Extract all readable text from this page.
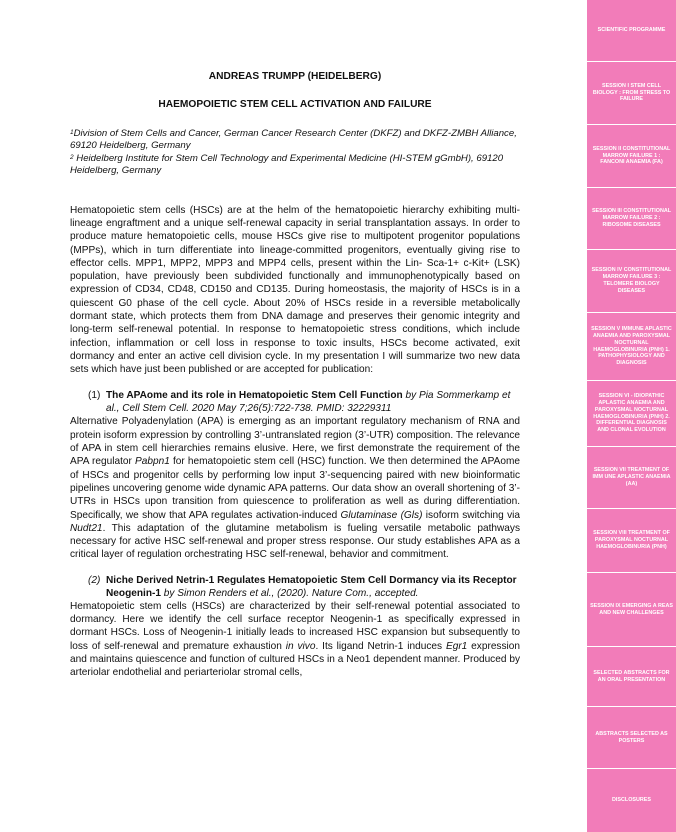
ANDREAS TRUMPP (HEIDELBERG)
HAEMOPOIETIC STEM CELL ACTIVATION AND FAILURE

$^1$Division of Stem Cells and Cancer, German Cancer Research Center (DKFZ) and DKFZ-ZMBH Alliance, 69120 Heidelberg, Germany

$^2$ Heidelberg Institute for Stem Cell Technology and Experimental Medicine (HI-STEM gGmbH), 69120 Heidelberg, Germany

Hematopoietic stem cells (HSCs) are at the helm of the hematopoietic hierarchy exhibiting multi-lineage engraftment and a unique self-renewal capacity in serial transplantation assays. In order to produce mature hematopoietic cells, mouse HSCs give rise to multipotent progenitor populations (MPPs), which in turn differentiate into lineage-committed progenitors, eventually giving rise to effector cells. MPP1, MPP2, MPP3 and MPP4 cells, present within the Lin- Sca-1+ c-Kit+ (LSK) population, have previously been subdivided functionally and immunophenotypically based on expression of CD34, CD48, CD150 and CD135. During homeostasis, the majority of HSCs is in a quiescent G0 phase of the cell cycle. About 20% of HSCs reside in a reversible metabolically dormant state, which protects them from DNA damage and preserves their genomic integrity and long-term self-renewal potential. In response to hematopoietic stress conditions, which include infection, inflammation or cell loss in response to toxic insults, HSCs become activated, exit dormancy and enter an active cell division cycle. In my presentation I will summarize two new data sets which have just been published or are accepted for publication:

(1) The APAome and its role in Hematopoietic Stem Cell Function by Pia Sommerkamp et al., Cell Stem Cell. 2020 May 7;26(5):722-738. PMID: 32229311

Alternative Polyadenylation (APA) is emerging as an important regulatory mechanism of RNA and protein isoform expression by controlling 3’-untranslated region (3’-UTR) composition. The relevance of APA in stem cell hierarchies remains elusive. Here, we first demonstrate the requirement of the APA regulator Pabpn1 for hematopoietic stem cell (HSC) function. We then determined the APAome of HSCs and progenitor cells by performing low input 3’-sequencing paired with new bioinformatic pipelines uncovering genome wide dynamic APA patterns. Our data show an overall shortening of 3’-UTRs in HSCs upon transition from quiescence to proliferation as well as during differentiation. Specifically, we show that APA regulates activation-induced Glutaminase (Gls) isoform switching via Nudt21. This adaptation of the glutamine metabolism is fueling versatile metabolic pathways necessary for active HSC self-renewal and proper stress response. Our study establishes APA as a critical layer of regulation orchestrating HSC self-renewal, behavior and commitment.

(2) Niche Derived Netrin-1 Regulates Hematopoietic Stem Cell Dormancy via its Receptor Neogenin-1 by Simon Renders et al., (2020). Nature Com., accepted.

Hematopoietic stem cells (HSCs) are characterized by their self-renewal potential associated to dormancy. Here we identify the cell surface receptor Neogenin-1 as specifically expressed in dormant HSCs. Loss of Neogenin-1 initially leads to increased HSC expansion but subsequently to loss of self-renewal and premature exhaustion in vivo. Its ligand Netrin-1 induces Egr1 expression and maintains quiescence and function of cultured HSCs in a Neo1 dependent manner. Produced by arteriolar endothelial and periarteriolar stromal cells,

SCIENTIFIC PROGRAMME
SESSION I STEM CELL BIOLOGY : FROM STRESS TO FAILURE
SESSION II CONSTITUTIONAL MARROW FAILURE 1 : FANCONI ANAEMIA (FA)
SESSION III CONSTITUTIONAL MARROW FAILURE 2 : RIBOSOME DISEASES
SESSION IV CONSTITUTIONAL MARROW FAILURE 3 : TELOMERE BIOLOGY DISEASES
SESSION V IMMUNE APLASTIC ANAEMIA AND PAROXYSMAL NOCTURNAL HAEMOGLOBINURIA (PNH) 1. PATHOPHYSIOLOGY AND DIAGNOSIS
SESSION VI - IDIOPATHIC APLASTIC ANAEMIA AND PAROXYSMAL NOCTURNAL HAEMOGLOBINURIA (PNH) 2. DIFFERENTIAL DIAGNOSIS AND CLONAL EVOLUTION
SESSION VII TREATMENT OF IMM UNE APLASTIC ANAEMIA (AA)
SESSION VIII TREATMENT OF PAROXYSMAL NOCTURNAL HAEMOGLOBINURIA (PNH)
SESSION IX EMERGING A REAS AND NEW CHALLENGES
SELECTED ABSTRACTS FOR AN ORAL PRESENTATION
ABSTRACTS SELECTED AS POSTERS
DISCLOSURES
